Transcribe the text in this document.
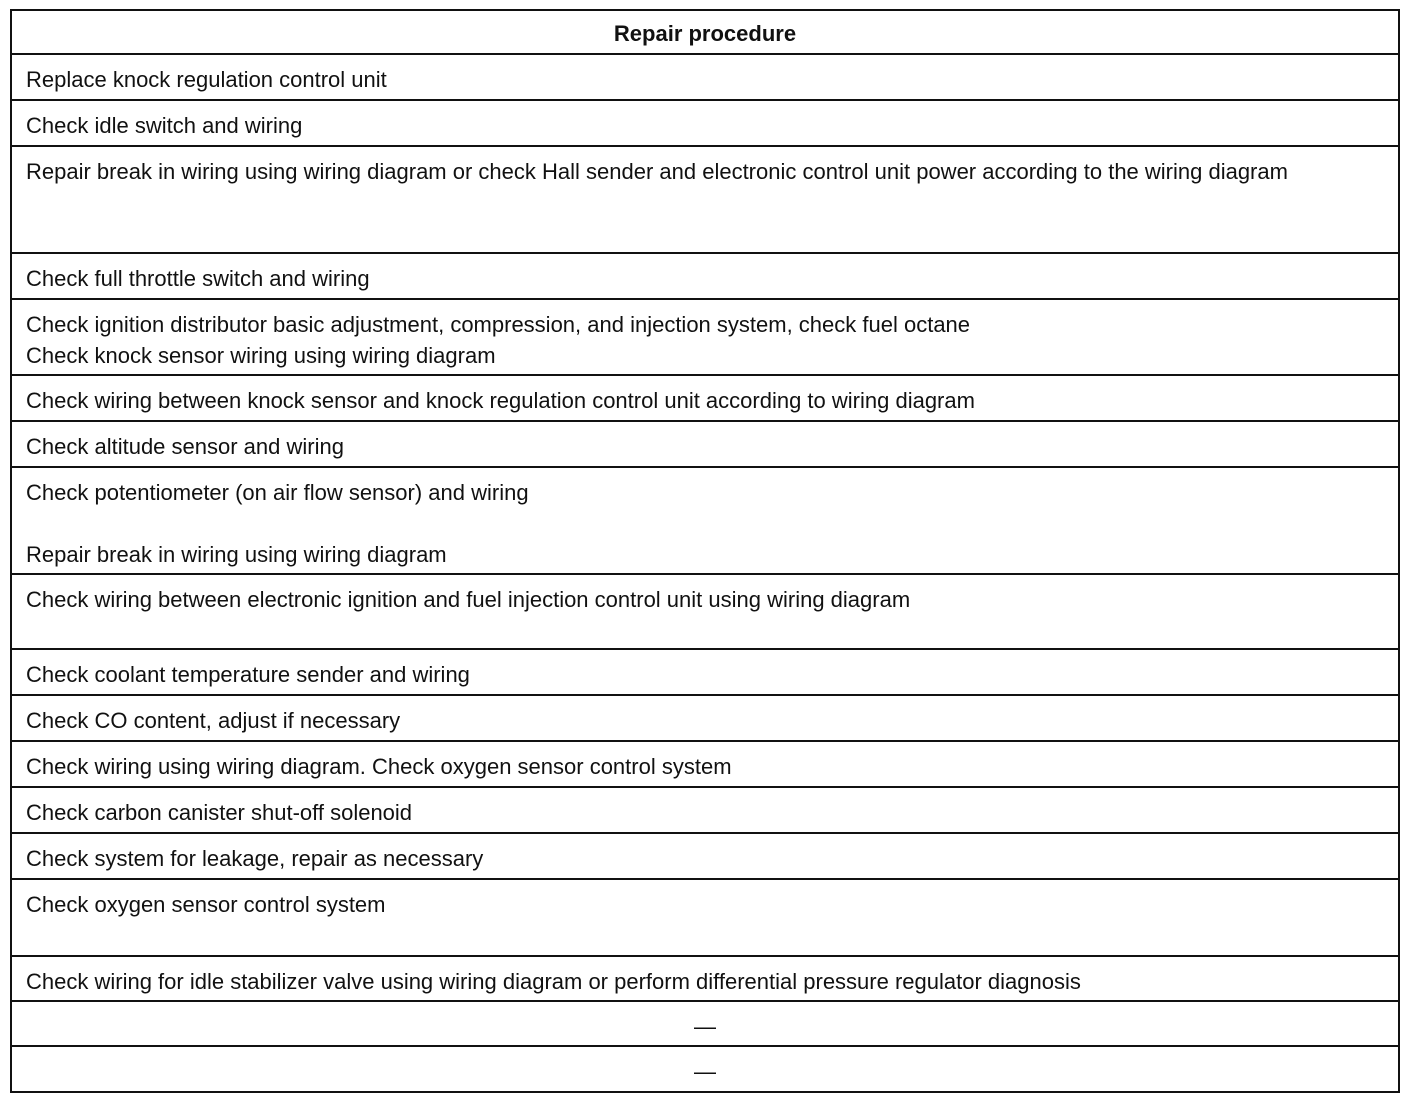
Repair procedure
Replace knock regulation control unit
Check idle switch and wiring
Repair break in wiring using wiring diagram or check Hall sender and electronic control unit power according to the wiring diagram
Check full throttle switch and wiring
Check ignition distributor basic adjustment, compression, and injection system, check fuel octane
Check knock sensor wiring using wiring diagram
Check wiring between knock sensor and knock regulation control unit according to wiring diagram
Check altitude sensor and wiring
Check potentiometer (on air flow sensor) and wiring
Repair break in wiring using wiring diagram
Check wiring between electronic ignition and fuel injection control unit using wiring diagram
Check coolant temperature sender and wiring
Check CO content, adjust if necessary
Check wiring using wiring diagram. Check oxygen sensor control system
Check carbon canister shut-off solenoid
Check system for leakage, repair as necessary
Check oxygen sensor control system
Check wiring for idle stabilizer valve using wiring diagram or perform differential pressure regulator diagnosis
—
—
